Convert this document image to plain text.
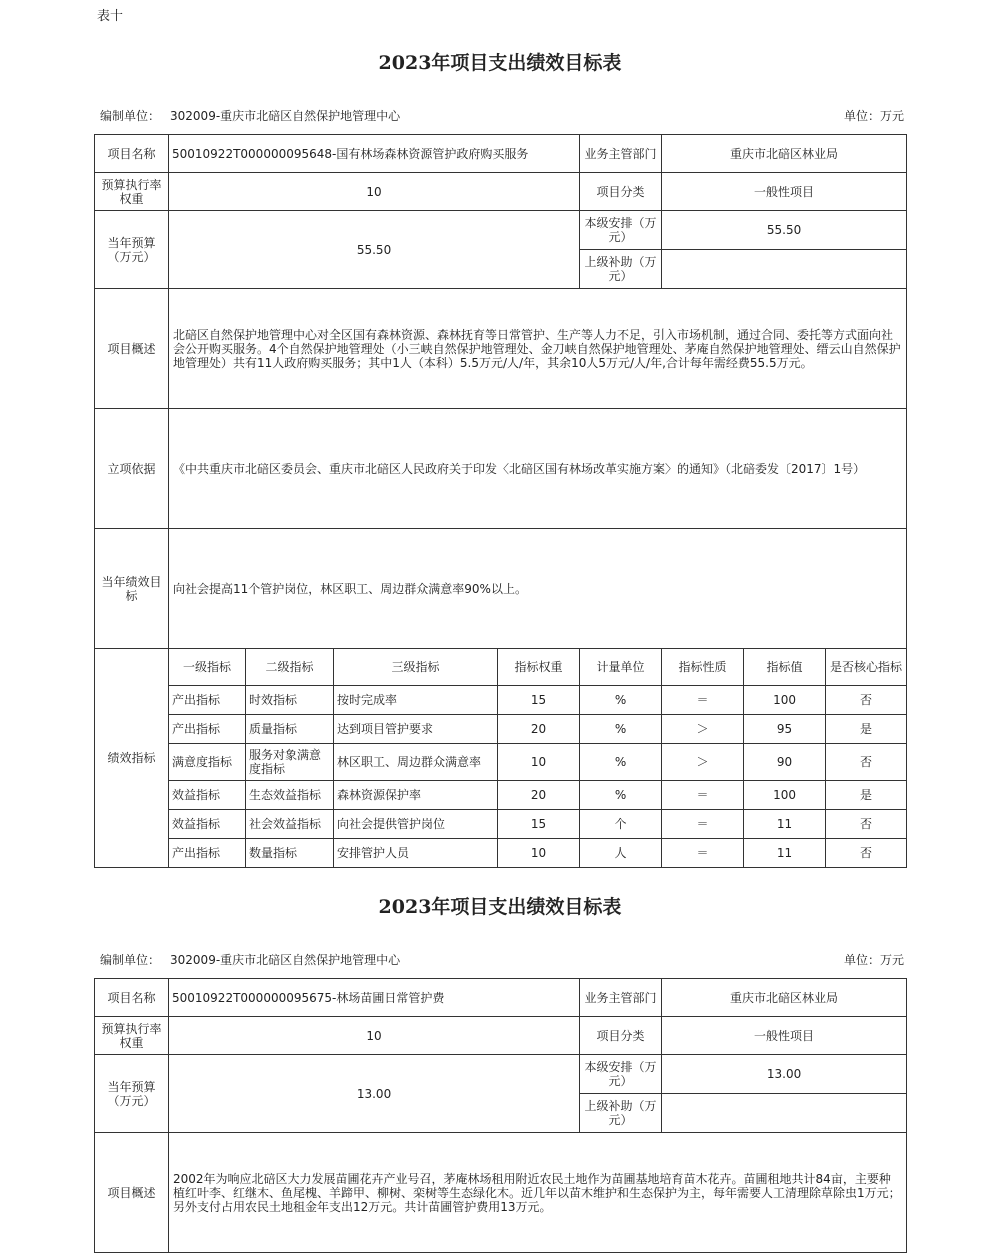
表十
2023年项目支出绩效目标表
编制单位： 302009-重庆市北碚区自然保护地管理中心	单位：万元
项目名称	50010922T000000095648-国有林场森林资源管护政府购买服务				业务主管部门	重庆市北碚区林业局		
预算执行率权重	10				项目分类	一般性项目		
当年预算（万元）	55.50				本级安排（万元）	55.50		
					上级补助（万元）			
项目概述	北碚区自然保护地管理中心对全区国有森林资源、森林抚育等日常管护、生产等人力不足，引入市场机制，通过合同、委托等方式面向社会公开购买服务。4个自然保护地管理处（小三峡自然保护地管理处、金刀峡自然保护地管理处、茅庵自然保护地管理处、缙云山自然保护地管理处）共有11人政府购买服务；其中1人（本科）5.5万元/人/年，其余10人5万元/人/年,合计每年需经费55.5万元。							
立项依据	《中共重庆市北碚区委员会、重庆市北碚区人民政府关于印发〈北碚区国有林场改革实施方案〉的通知》（北碚委发〔2017〕1号）							
当年绩效目标	向社会提高11个管护岗位，林区职工、周边群众满意率90%以上。							
绩效指标	一级指标	二级指标	三级指标	指标权重	计量单位	指标性质	指标值	是否核心指标
	产出指标	时效指标	按时完成率	15	%	＝	100	否
	产出指标	质量指标	达到项目管护要求	20	%	＞	95	是
	满意度指标	服务对象满意度指标	林区职工、周边群众满意率	10	%	＞	90	否
	效益指标	生态效益指标	森林资源保护率	20	%	＝	100	是
	效益指标	社会效益指标	向社会提供管护岗位	15	个	＝	11	否
	产出指标	数量指标	安排管护人员	10	人	＝	11	否
2023年项目支出绩效目标表
编制单位： 302009-重庆市北碚区自然保护地管理中心	单位：万元
项目名称	50010922T000000095675-林场苗圃日常管护费	业务主管部门	重庆市北碚区林业局
预算执行率权重	10	项目分类	一般性项目
当年预算（万元）	13.00	本级安排（万元）	13.00
		上级补助（万元）	
项目概述	2002年为响应北碚区大力发展苗圃花卉产业号召，茅庵林场租用附近农民土地作为苗圃基地培育苗木花卉。苗圃租地共计84亩，主要种植红叶李、红继木、鱼尾槐、羊蹄甲、柳树、栾树等生态绿化木。近几年以苗木维护和生态保护为主，每年需要人工清理除草除虫1万元；另外支付占用农民土地租金年支出12万元。共计苗圃管护费用13万元。		
